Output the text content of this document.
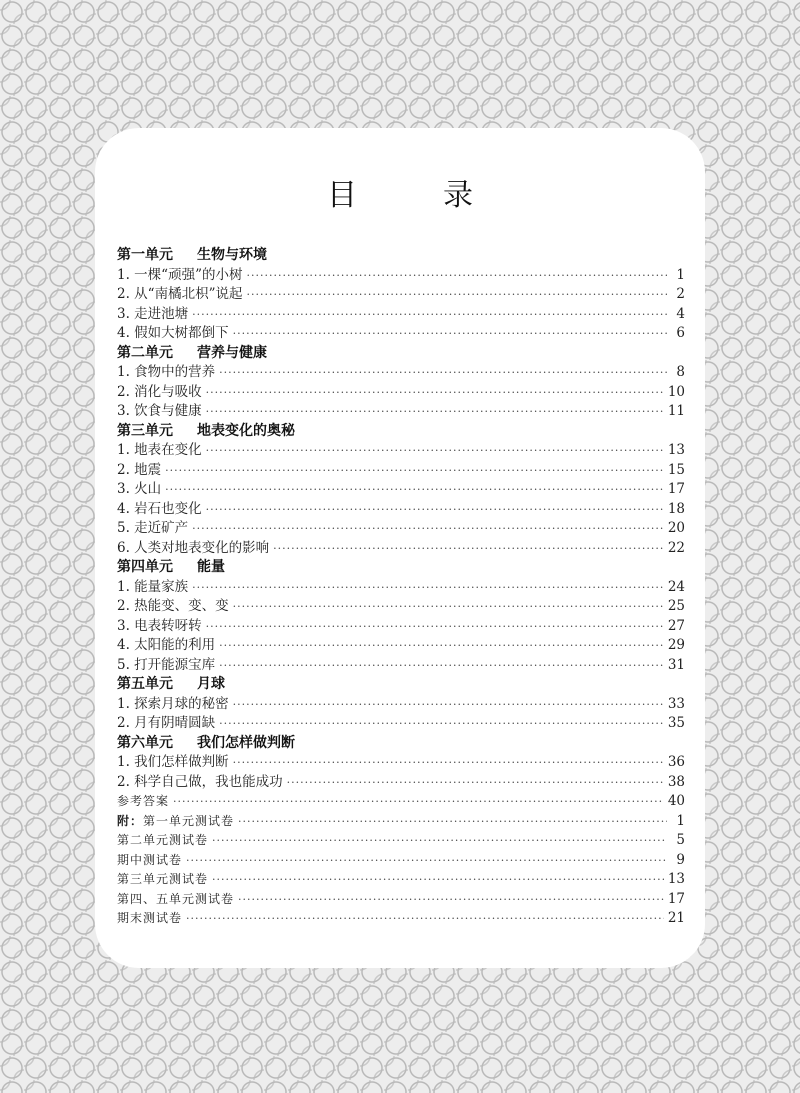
目　录
第一单元 生物与环境
1. 一棵“顽强”的小树 ·····	1
2. 从“南橘北枳”说起 ·····	2
3. 走进池塘 ·····	4
4. 假如大树都倒下 ·····	6
第二单元 营养与健康
1. 食物中的营养 ·····	8
2. 消化与吸收 ·····	10
3. 饮食与健康 ·····	11
第三单元 地表变化的奥秘
1. 地表在变化 ·····	13
2. 地震 ·····	15
3. 火山 ·····	17
4. 岩石也变化 ·····	18
5. 走近矿产 ·····	20
6. 人类对地表变化的影响 ·····	22
第四单元 能量
1. 能量家族 ·····	24
2. 热能变、变、变 ·····	25
3. 电表转呀转 ·····	27
4. 太阳能的利用 ·····	29
5. 打开能源宝库 ·····	31
第五单元 月球
1. 探索月球的秘密 ·····	33
2. 月有阴晴圆缺 ·····	35
第六单元 我们怎样做判断
1. 我们怎样做判断 ·····	36
2. 科学自己做，我也能成功 ·····	38
参考答案 ·····	40
附：第一单元测试卷 ·····	1
第二单元测试卷 ·····	5
期中测试卷 ·····	9
第三单元测试卷 ·····	13
第四、五单元测试卷 ·····	17
期末测试卷 ·····	21
